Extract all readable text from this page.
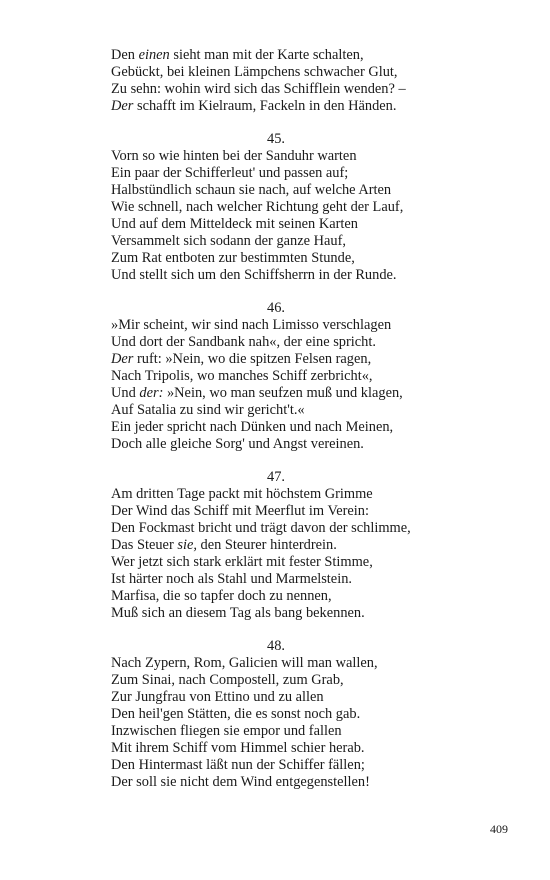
Den einen sieht man mit der Karte schalten,
Gebückt, bei kleinen Lämpchens schwacher Glut,
Zu sehn: wohin wird sich das Schifflein wenden? –
Der schafft im Kielraum, Fackeln in den Händen.
45.
Vorn so wie hinten bei der Sanduhr warten
Ein paar der Schifferleut' und passen auf;
Halbstündlich schaun sie nach, auf welche Arten
Wie schnell, nach welcher Richtung geht der Lauf,
Und auf dem Mitteldeck mit seinen Karten
Versammelt sich sodann der ganze Hauf,
Zum Rat entboten zur bestimmten Stunde,
Und stellt sich um den Schiffsherrn in der Runde.
46.
»Mir scheint, wir sind nach Limisso verschlagen
Und dort der Sandbank nah«, der eine spricht.
Der ruft: »Nein, wo die spitzen Felsen ragen,
Nach Tripolis, wo manches Schiff zerbricht«,
Und der: »Nein, wo man seufzen muß und klagen,
Auf Satalia zu sind wir gericht't.«
Ein jeder spricht nach Dünken und nach Meinen,
Doch alle gleiche Sorg' und Angst vereinen.
47.
Am dritten Tage packt mit höchstem Grimme
Der Wind das Schiff mit Meerflut im Verein:
Den Fockmast bricht und trägt davon der schlimme,
Das Steuer sie, den Steurer hinterdrein.
Wer jetzt sich stark erklärt mit fester Stimme,
Ist härter noch als Stahl und Marmelstein.
Marfisa, die so tapfer doch zu nennen,
Muß sich an diesem Tag als bang bekennen.
48.
Nach Zypern, Rom, Galicien will man wallen,
Zum Sinai, nach Compostell, zum Grab,
Zur Jungfrau von Ettino und zu allen
Den heil'gen Stätten, die es sonst noch gab.
Inzwischen fliegen sie empor und fallen
Mit ihrem Schiff vom Himmel schier herab.
Den Hintermast läßt nun der Schiffer fällen;
Der soll sie nicht dem Wind entgegenstellen!
409
